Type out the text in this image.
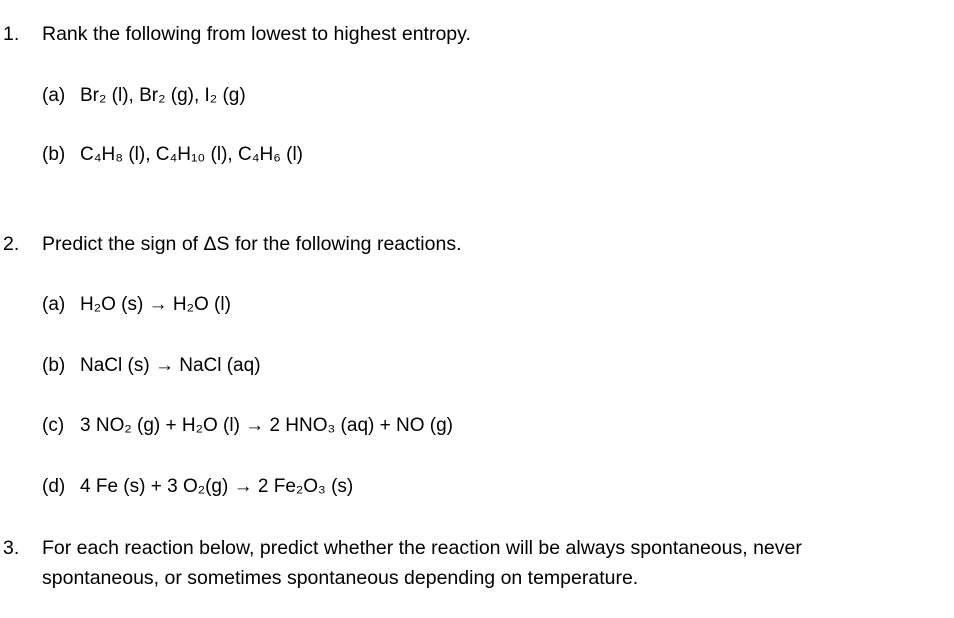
1. Rank the following from lowest to highest entropy.
(a) Br₂ (l), Br₂ (g), I₂ (g)
(b) C₄H₈ (l), C₄H₁₀ (l), C₄H₆ (l)
2. Predict the sign of ΔS for the following reactions.
(a) H₂O (s) → H₂O (l)
(b) NaCl (s) → NaCl (aq)
(c) 3 NO₂ (g) + H₂O (l) → 2 HNO₃ (aq) + NO (g)
(d) 4 Fe (s) + 3 O₂(g) → 2 Fe₂O₃ (s)
3. For each reaction below, predict whether the reaction will be always spontaneous, never
spontaneous, or sometimes spontaneous depending on temperature.
